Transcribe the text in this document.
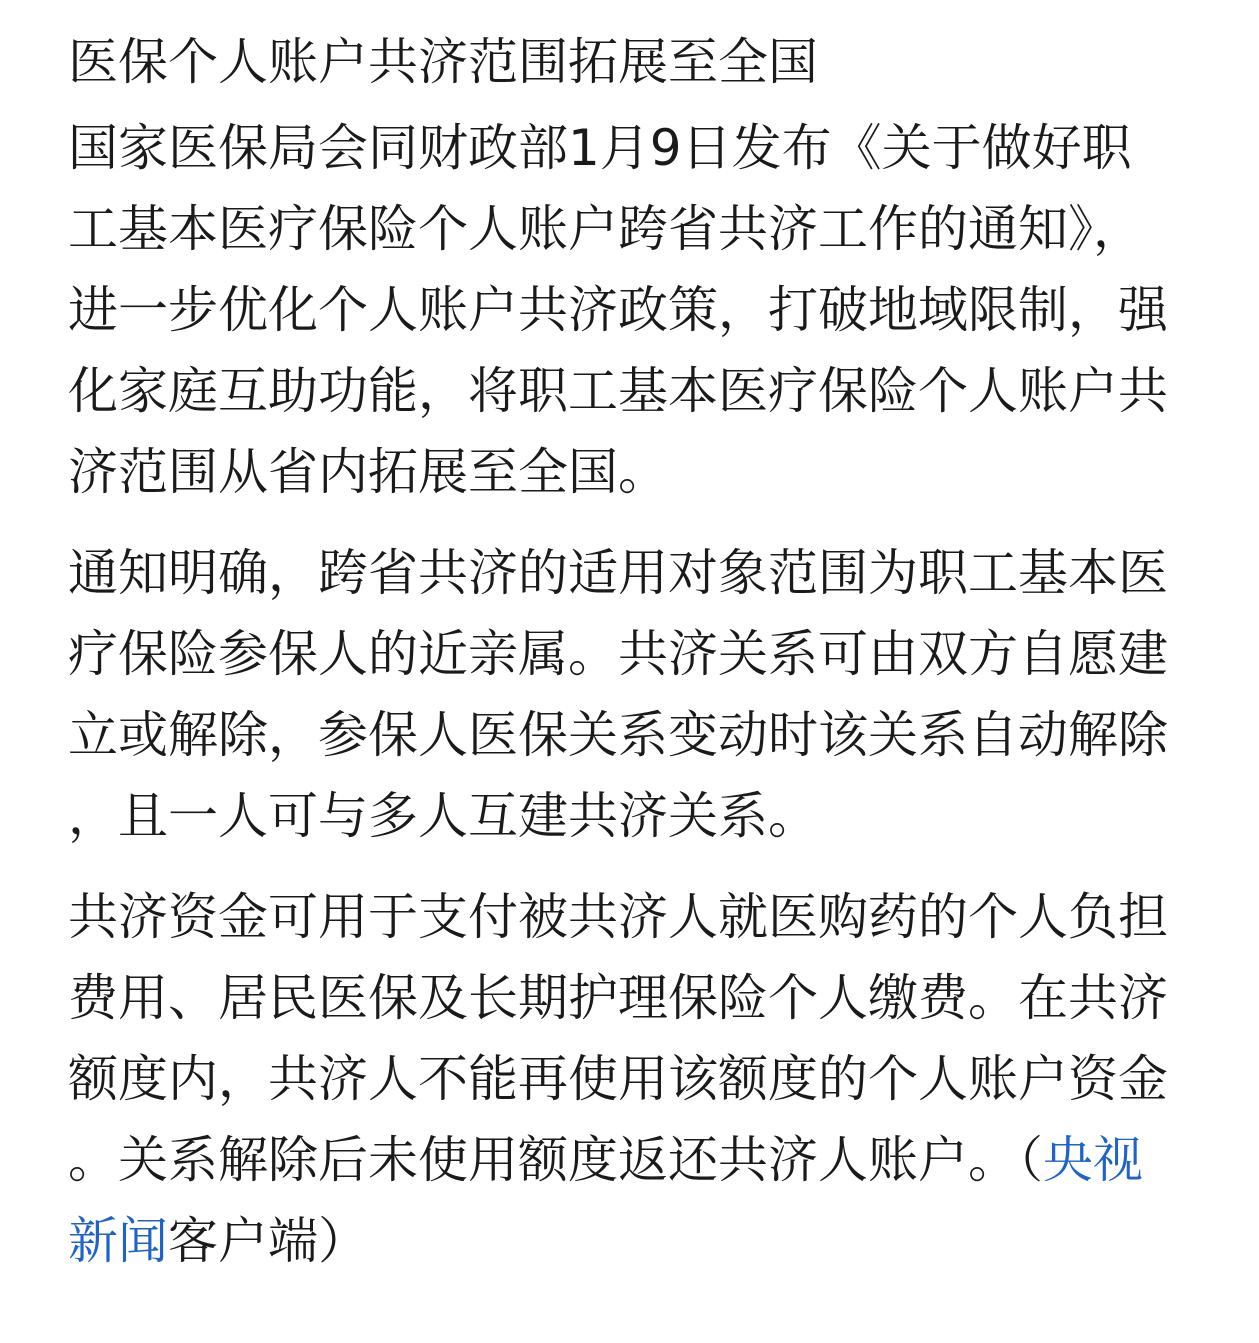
医保个人账户共济范围拓展至全国

国家医保局会同财政部1月9日发布《关于做好职工基本医疗保险个人账户跨省共济工作的通知》，进一步优化个人账户共济政策，打破地域限制，强化家庭互助功能，将职工基本医疗保险个人账户共济范围从省内拓展至全国。

通知明确，跨省共济的适用对象范围为职工基本医疗保险参保人的近亲属。共济关系可由双方自愿建立或解除，参保人医保关系变动时该关系自动解除，且一人可与多人互建共济关系。

共济资金可用于支付被共济人就医购药的个人负担费用、居民医保及长期护理保险个人缴费。在共济额度内，共济人不能再使用该额度的个人账户资金。关系解除后未使用额度返还共济人账户。（央视新闻客户端）
